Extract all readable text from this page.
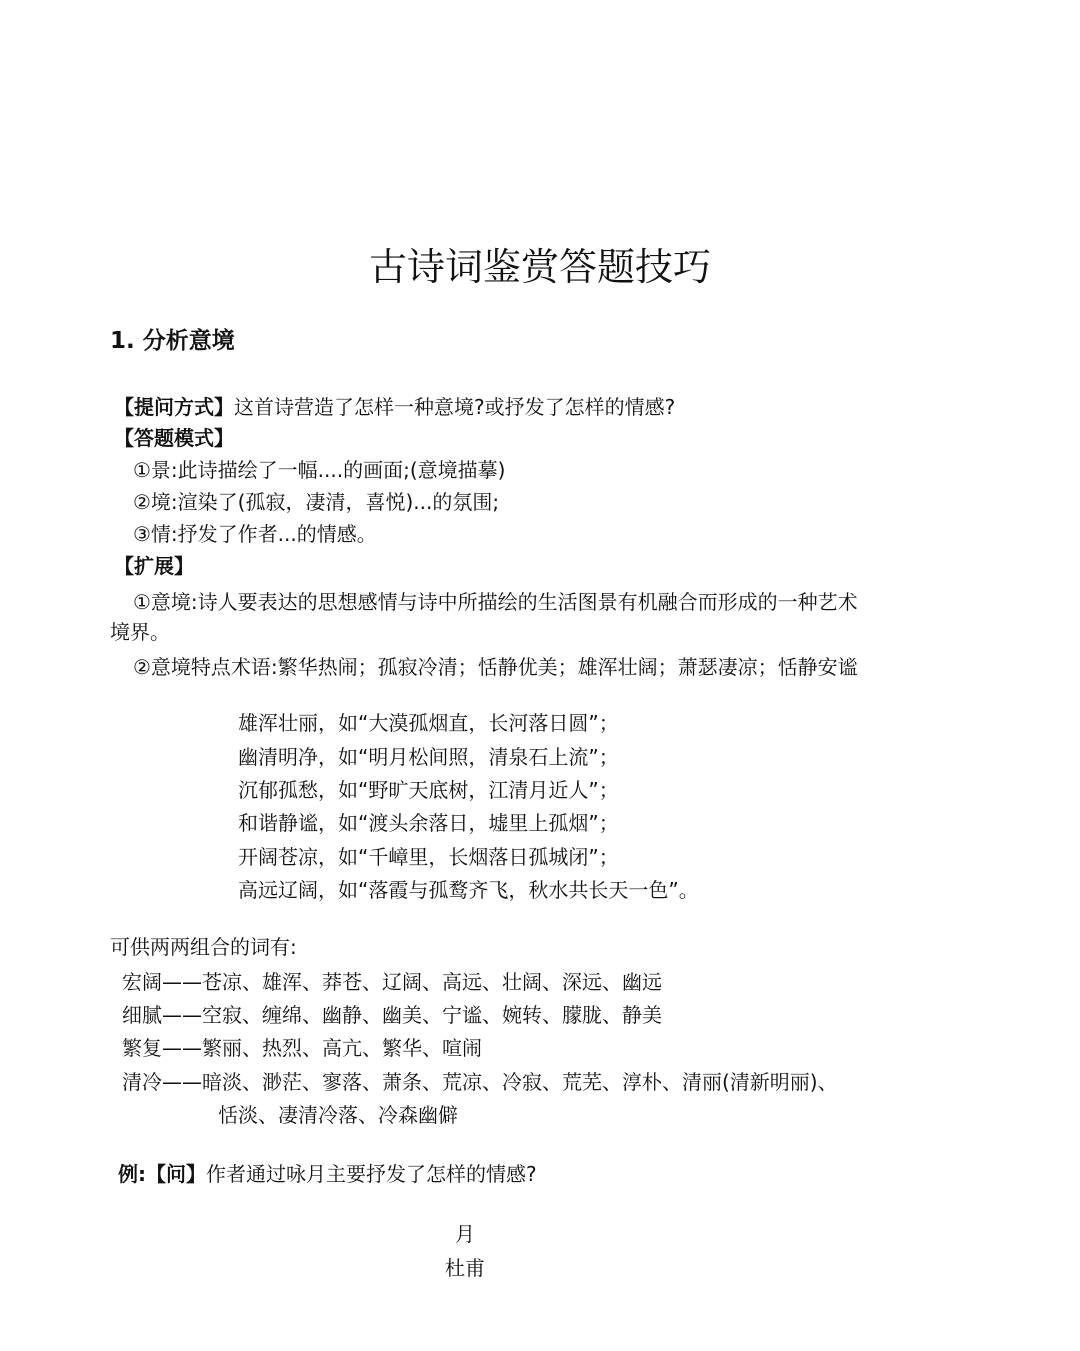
古诗词鉴赏答题技巧
1. 分析意境
【提问方式】这首诗营造了怎样一种意境?或抒发了怎样的情感?
【答题模式】
①景:此诗描绘了一幅....的画面;(意境描摹)
②境:渲染了(孤寂，凄清，喜悦)...的氛围;
③情:抒发了作者...的情感。
【扩展】
①意境:诗人要表达的思想感情与诗中所描绘的生活图景有机融合而形成的一种艺术
境界。
②意境特点术语:繁华热闹；孤寂冷清；恬静优美；雄浑壮阔；萧瑟凄凉；恬静安谧
雄浑壮丽，如“大漠孤烟直，长河落日圆”；
幽清明净，如“明月松间照，清泉石上流”；
沉郁孤愁，如“野旷天底树，江清月近人”；
和谐静谧，如“渡头余落日，墟里上孤烟”；
开阔苍凉，如“千嶂里，长烟落日孤城闭”；
高远辽阔，如“落霞与孤鹜齐飞，秋水共长天一色”。
可供两两组合的词有:
宏阔——苍凉、雄浑、莽苍、辽阔、高远、壮阔、深远、幽远
细腻——空寂、缠绵、幽静、幽美、宁谧、婉转、朦胧、静美
繁复——繁丽、热烈、高亢、繁华、喧闹
清冷——暗淡、渺茫、寥落、萧条、荒凉、冷寂、荒芜、淳朴、清丽(清新明丽)、
恬淡、凄清冷落、冷森幽僻
例:【问】作者通过咏月主要抒发了怎样的情感?
月
杜甫
